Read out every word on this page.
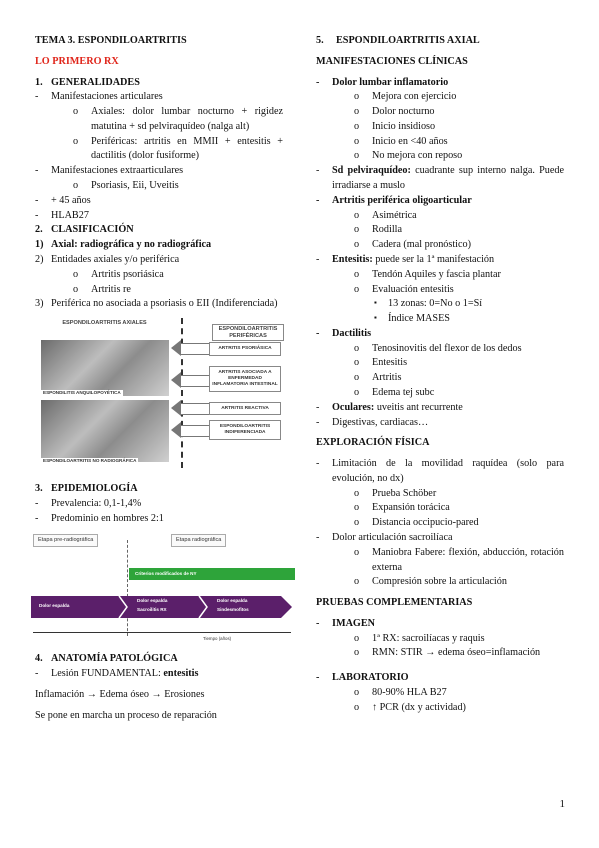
TEMA 3. ESPONDILOARTRITIS

LO PRIMERO RX

1. GENERALIDADES
-	Manifestaciones articulares
o	Axiales: dolor lumbar nocturno + rigidez matutina + sd pelviraquídeo (nalga alt)
o	Periféricas: artritis en MMII + entesitis + dactilitis (dolor fusiforme)
-	Manifestaciones extraarticulares
o	Psoriasis, Eii, Uveitis
-	+ 45 años
-	HLAB27
2. CLASIFICACIÓN
1) Axial: radiográfica y no radiográfica
2) Entidades axiales y/o periférica
o	Artritis psoriásica
o	Artritis re
3) Periférica no asociada a psoriasis o EII (Indiferenciada)
ESPONDILOARTRITIS AXIALES
ESPONDILITIS ANQUILOPOYÉTICA
ESPONDILOARTRITIS NO RADIOGRÁFICA
ESPONDILOARTRITIS PERIFÉRICAS
ARTRITIS PSORIÁSICA
ARTRITIS ASOCIADA A ENFERMEDAD INFLAMATORIA INTESTINAL
ARTRITIS REACTIVA
ESPONDILOARTRITIS INDIFERENCIADA
3. EPIDEMIOLOGÍA
-	Prevalencia: 0,1-1,4%
-	Predominio en hombres 2:1
Etapa pre-radiográfica	Etapa radiográfica
Criterios modificados de NY
Dolor espalda
Dolor espalda
Sacroilitis RX
Dolor espalda
Sindesmofitos
Tiempo (años)
4. ANATOMÍA PATOLÓGICA
-	Lesión FUNDAMENTAL: entesitis

Inflamación → Edema óseo → Erosiones

Se pone en marcha un proceso de reparación

5.	ESPONDILOARTRITIS AXIAL

MANIFESTACIONES CLÍNICAS

-	Dolor lumbar inflamatorio
o	Mejora con ejercicio
o	Dolor nocturno
o	Inicio insidioso
o	Inicio en <40 años
o	No mejora con reposo
-	Sd pelviraquídeo: cuadrante sup interno nalga. Puede irradiarse a muslo
-	Artritis periférica oligoarticular
o	Asimétrica
o	Rodilla
o	Cadera (mal pronóstico)
-	Entesitis: puede ser la 1ª manifestación
o	Tendón Aquiles y fascia plantar
o	Evaluación entesitis
▪	13 zonas: 0=No o 1=Sí
▪	Índice MASES
-	Dactilitis
o	Tenosinovitis del flexor de los dedos
o	Entesitis
o	Artritis
o	Edema tej subc
-	Oculares: uveitis ant recurrente
-	Digestivas, cardiacas…

EXPLORACIÓN FÍSICA

-	Limitación de la movilidad raquídea (solo para evolución, no dx)
o	Prueba Schöber
o	Expansión torácica
o	Distancia occipucio-pared
-	Dolor articulación sacroilíaca
o	Maniobra Fabere: flexión, abducción, rotación externa
o	Compresión sobre la articulación

PRUEBAS COMPLEMENTARIAS

-	IMAGEN
o	1ª RX: sacroilíacas y raquis
o	RMN: STIR → edema óseo=inflamación
-	LABORATORIO
o	80-90% HLA B27
o	↑ PCR (dx y actividad)
1
